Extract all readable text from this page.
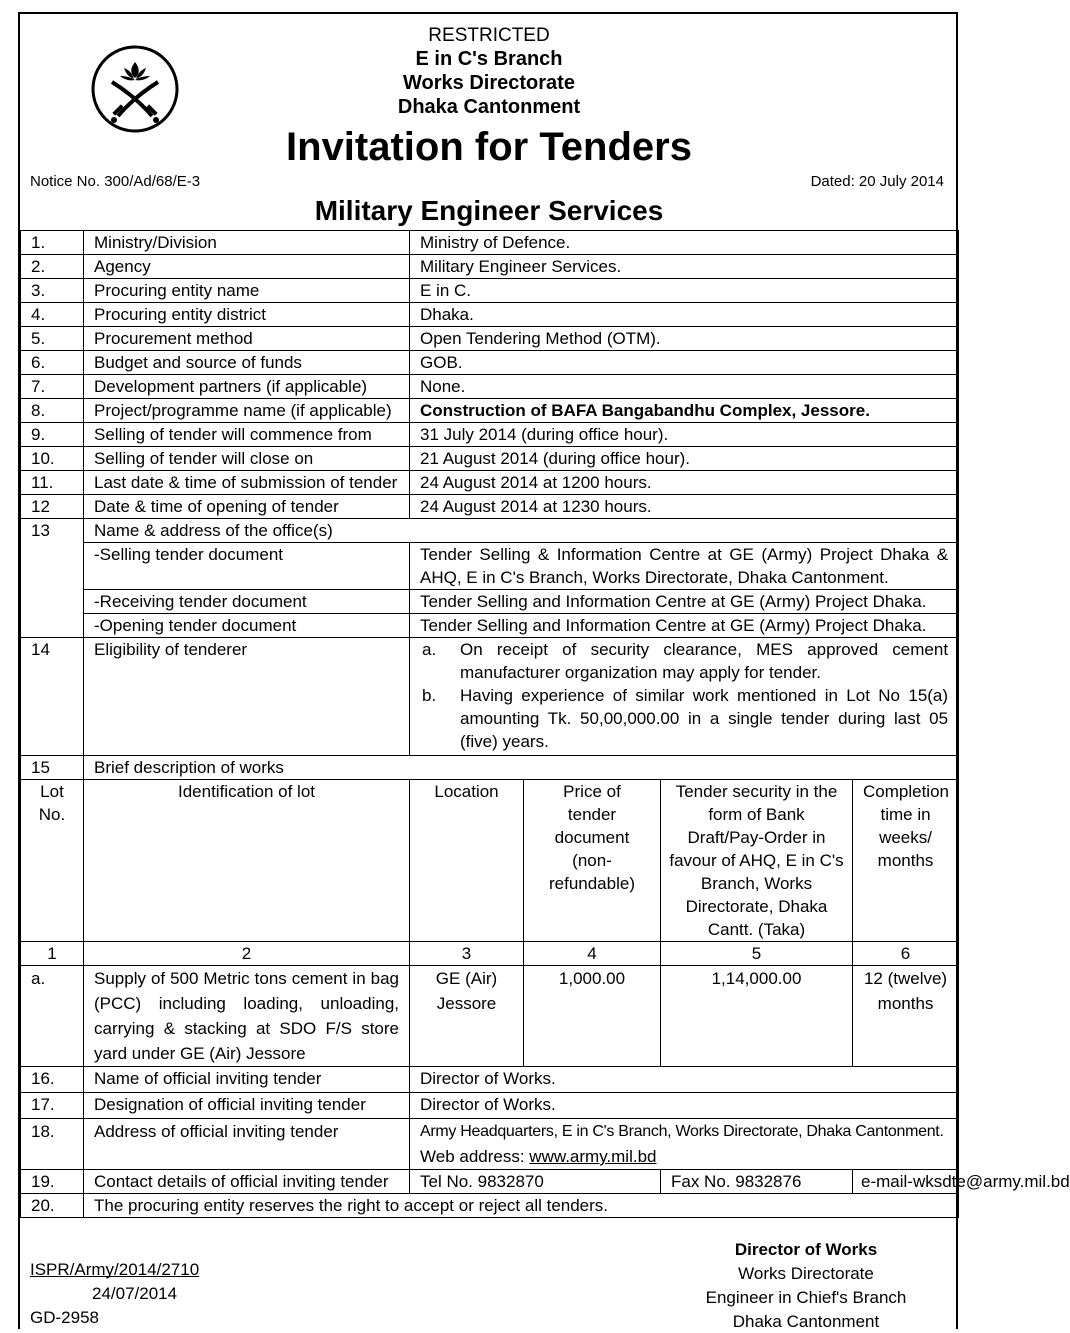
RESTRICTED
E in C's Branch
Works Directorate
Dhaka Cantonment
Invitation for Tenders
Notice No. 300/Ad/68/E-3	Dated: 20 July 2014
Military Engineer Services
1.	Ministry/Division	Ministry of Defence.			
2.	Agency	Military Engineer Services.			
3.	Procuring entity name	E in C.			
4.	Procuring entity district	Dhaka.			
5.	Procurement method	Open Tendering Method (OTM).			
6.	Budget and source of funds	GOB.			
7.	Development partners (if applicable)	None.			
8.	Project/programme name (if applicable)	Construction of BAFA Bangabandhu Complex, Jessore.			
9.	Selling of tender will commence from	31 July 2014 (during office hour).			
10.	Selling of tender will close on	21 August 2014 (during office hour).			
11.	Last date & time of submission of tender	24 August 2014 at 1200 hours.			
12	Date & time of opening of tender	24 August 2014 at 1230 hours.			
13	Name & address of the office(s)				
	-Selling tender document	Tender Selling & Information Centre at GE (Army) Project Dhaka & AHQ, E in C's Branch, Works Directorate, Dhaka Cantonment.			
	-Receiving tender document	Tender Selling and Information Centre at GE (Army) Project Dhaka.			
	-Opening tender document	Tender Selling and Information Centre at GE (Army) Project Dhaka.			
14	Eligibility of tenderer	a. On receipt of security clearance, MES approved cement manufacturer organization may apply for tender.
b. Having experience of similar work mentioned in Lot No 15(a) amounting Tk. 50,00,000.00 in a single tender during last 05 (five) years.			

15	Brief description of works				
Lot No.	Identification of lot	Location	Price of tender document (non-refundable)	Tender security in the form of Bank Draft/Pay-Order in favour of AHQ, E in C's Branch, Works Directorate, Dhaka Cantt. (Taka)	Completion time in weeks/ months
1	2	3	4	5	6
a.	Supply of 500 Metric tons cement in bag (PCC) including loading, unloading, carrying & stacking at SDO F/S store yard under GE (Air) Jessore	GE (Air) Jessore	1,000.00	1,14,000.00	12 (twelve) months
16.	Name of official inviting tender	Director of Works.			
17.	Designation of official inviting tender	Director of Works.			
18.	Address of official inviting tender	Army Headquarters, E in C's Branch, Works Directorate, Dhaka Cantonment.
Web address: www.army.mil.bd			

19.	Contact details of official inviting tender	Tel No. 9832870		Fax No. 9832876	e-mail-wksdte@army.mil.bd
20.	The procuring entity reserves the right to accept or reject all tenders.				
ISPR/Army/2014/2710
24/07/2014
GD-2958
Director of Works
Works Directorate
Engineer in Chief's Branch
Dhaka Cantonment
